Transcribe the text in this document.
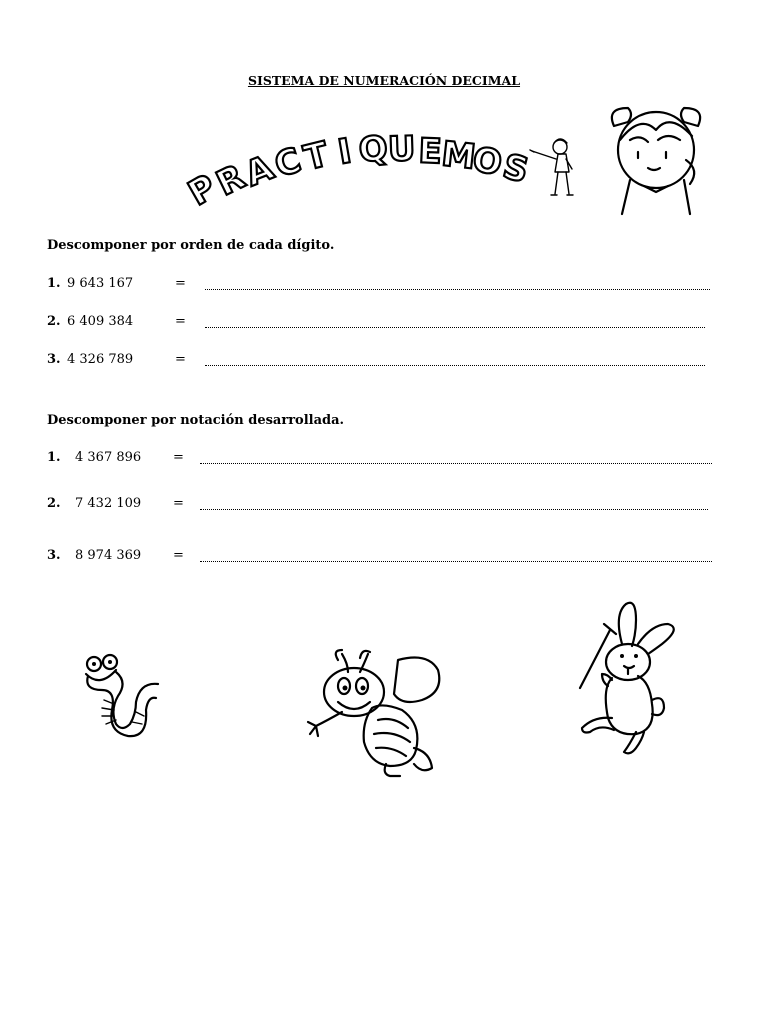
SISTEMA DE NUMERACIÓN DECIMAL
P
R
A
C
T I Q
U E
M
O
S
Descomponer por orden de cada dígito.
1. 9 643 167	=
2. 6 409 384	=
3. 4 326 789	=
Descomponer por notación desarrollada.
1. 4 367 896 =
2. 7 432 109 =
3. 8 974 369 =
